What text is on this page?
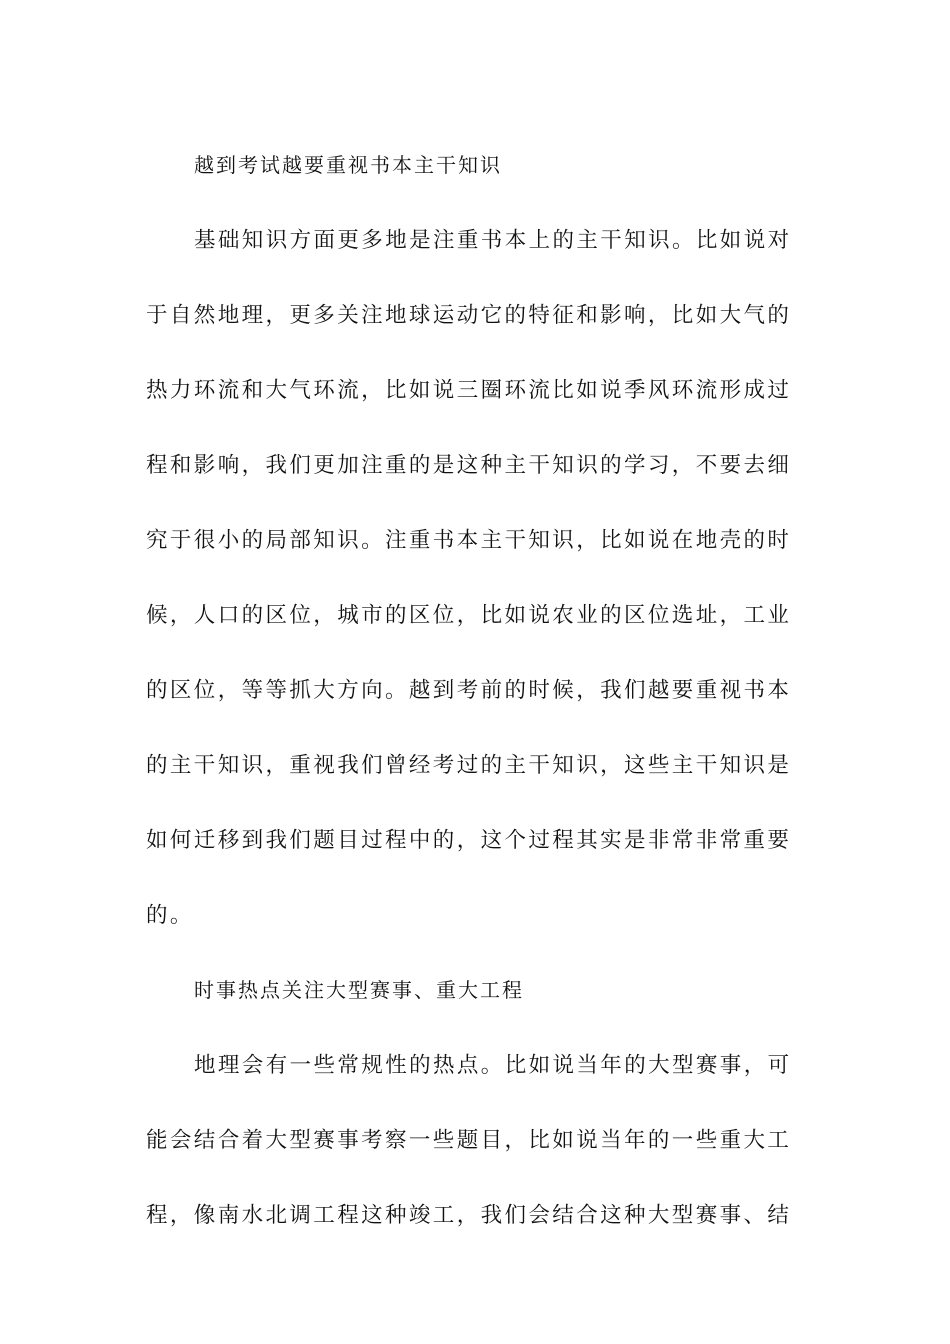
越到考试越要重视书本主干知识
基础知识方面更多地是注重书本上的主干知识。比如说对
于自然地理，更多关注地球运动它的特征和影响，比如大气的
热力环流和大气环流，比如说三圈环流比如说季风环流形成过
程和影响，我们更加注重的是这种主干知识的学习，不要去细
究于很小的局部知识。注重书本主干知识，比如说在地壳的时
候，人口的区位，城市的区位，比如说农业的区位选址，工业
的区位，等等抓大方向。越到考前的时候，我们越要重视书本
的主干知识，重视我们曾经考过的主干知识，这些主干知识是
如何迁移到我们题目过程中的，这个过程其实是非常非常重要
的。
时事热点关注大型赛事、重大工程
地理会有一些常规性的热点。比如说当年的大型赛事，可
能会结合着大型赛事考察一些题目，比如说当年的一些重大工
程，像南水北调工程这种竣工，我们会结合这种大型赛事、结
